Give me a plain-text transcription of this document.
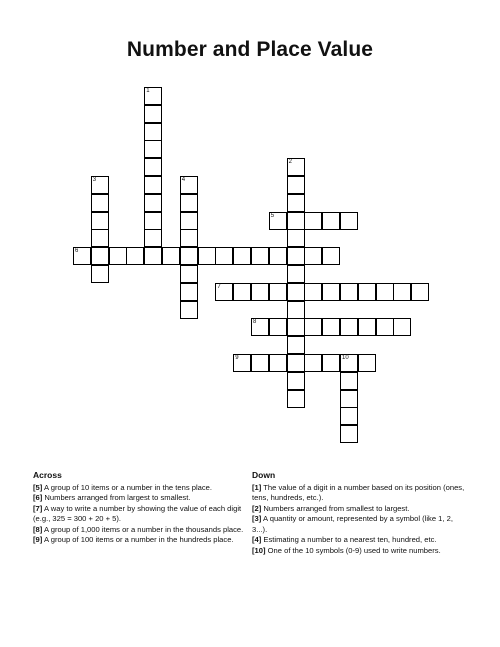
Number and Place Value
1
2
3	4
5
6
7
8
9	10
Across
[5] A group of 10 items or a number in the tens place.
[6] Numbers arranged from largest to smallest.
[7] A way to write a number by showing the value of each digit (e.g., 325 = 300 + 20 + 5).
[8] A group of 1,000 items or a number in the thousands place.
[9] A group of 100 items or a number in the hundreds place.
Down
[1] The value of a digit in a number based on its position (ones, tens, hundreds, etc.).
[2] Numbers arranged from smallest to largest.
[3] A quantity or amount, represented by a symbol (like 1, 2, 3...).
[4] Estimating a number to a nearest ten, hundred, etc.
[10] One of the 10 symbols (0-9) used to write numbers.
